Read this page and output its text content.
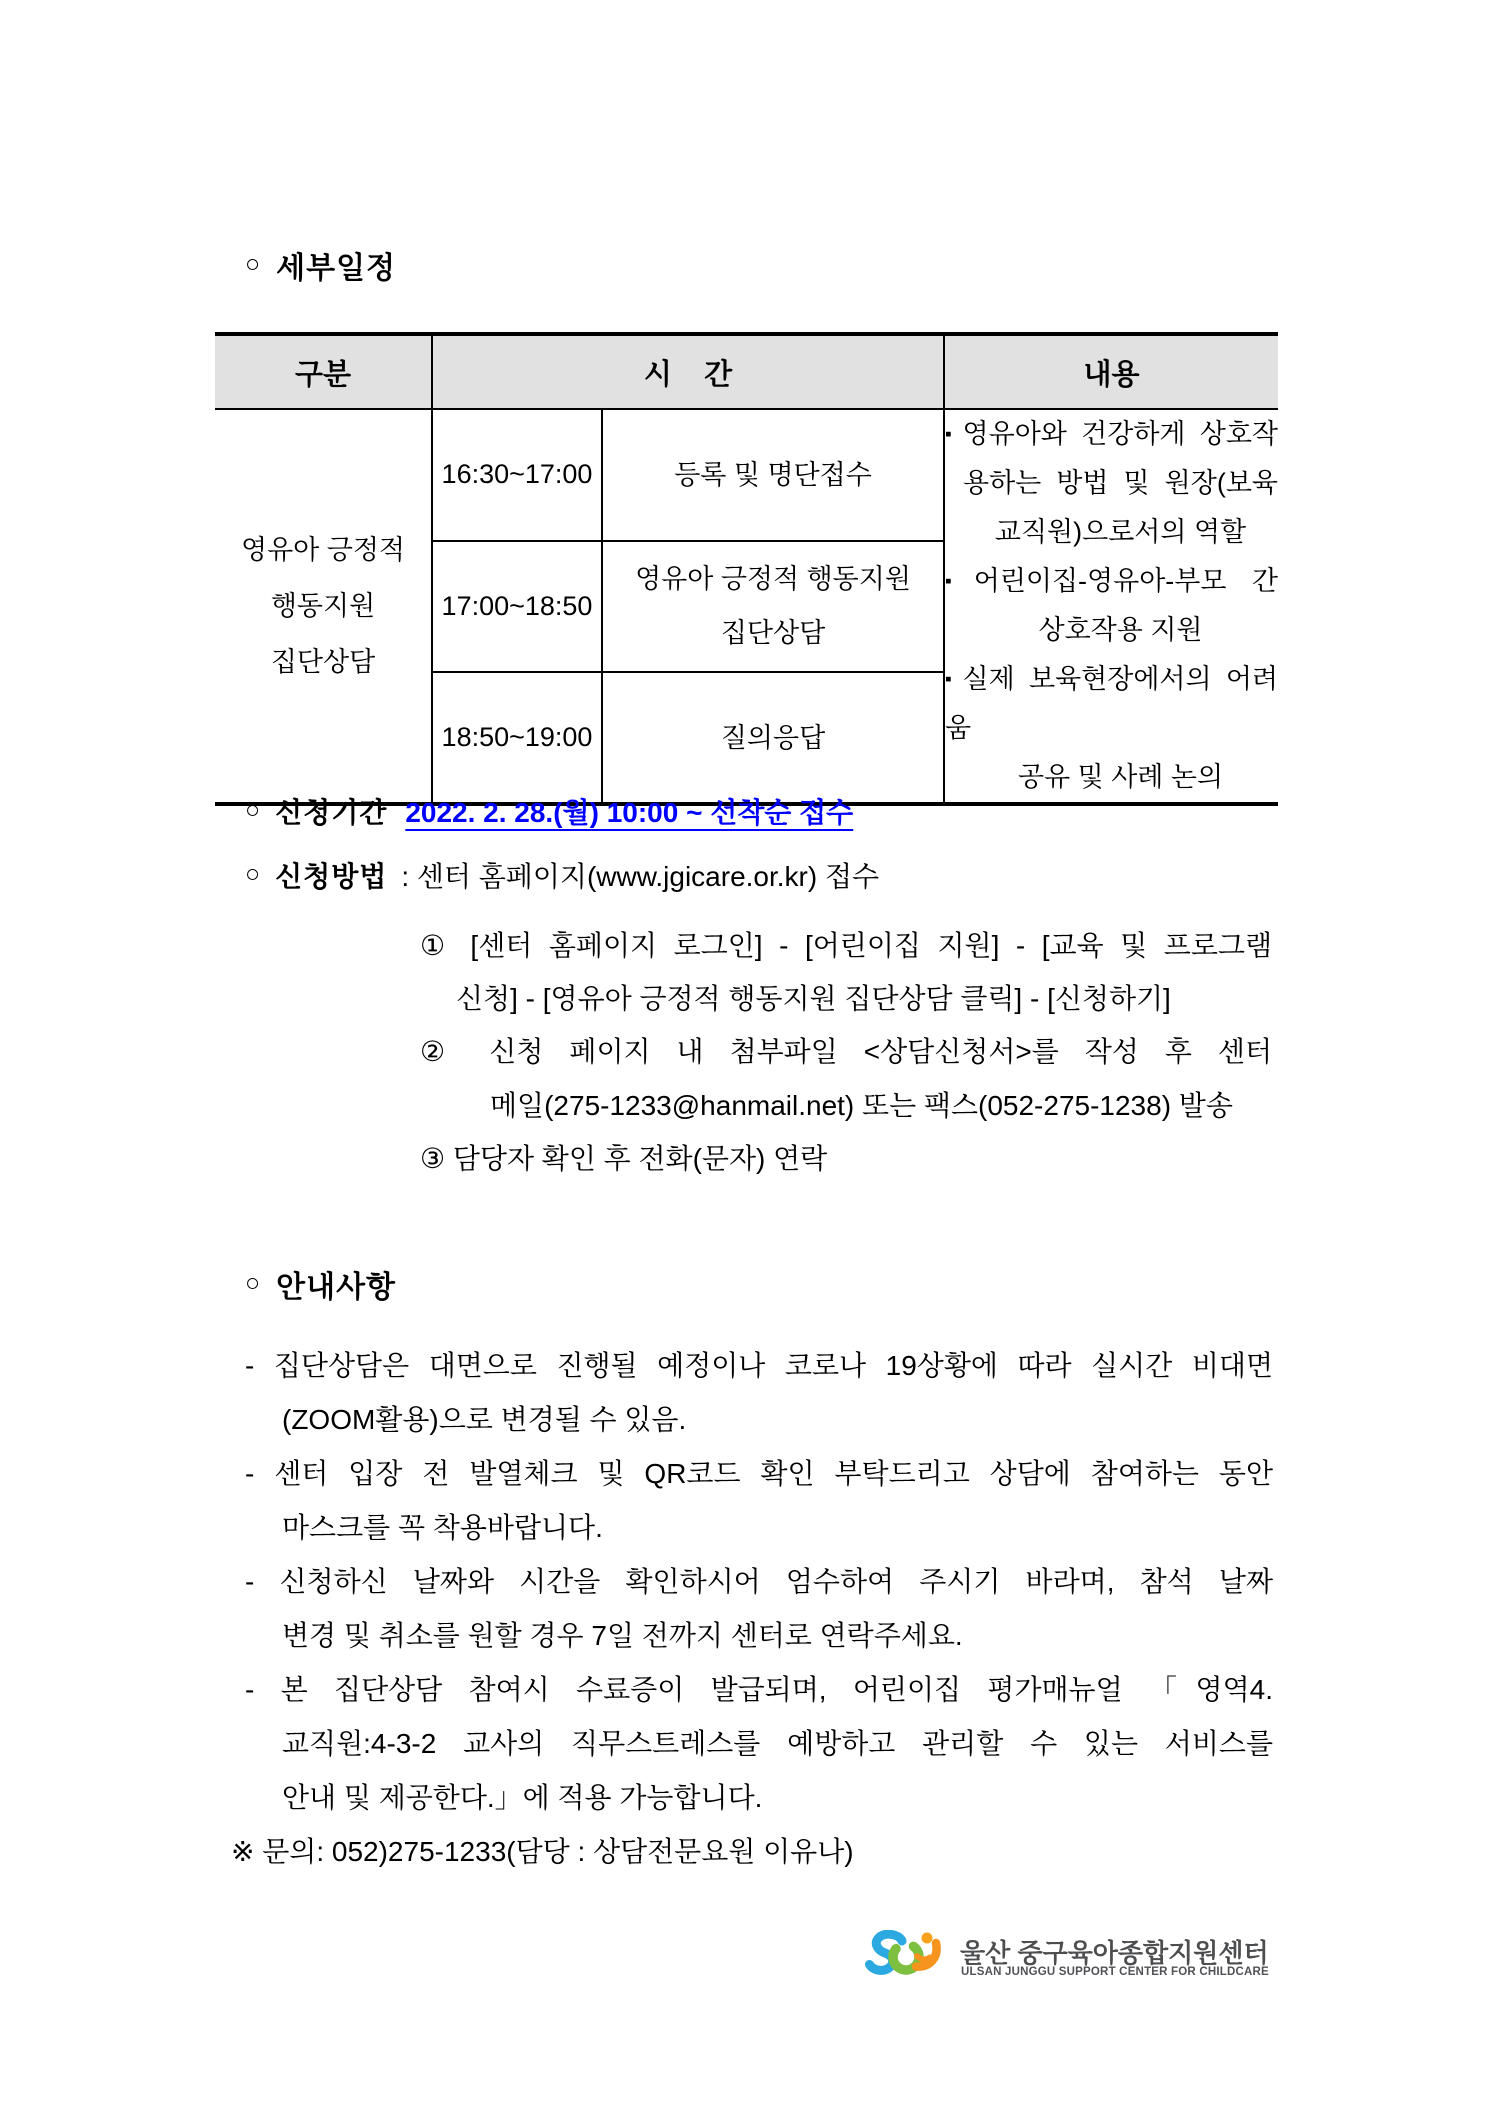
○ 세부일정
구분	시    간		내용

영유아 긍정적
행동지원
집단상담
	16:30~17:00	등록 및 명단접수	
▪ 영유아와 건강하게 상호작
용하는 방법 및 원장(보육
교직원)으로서의 역할
▪ 어린이집-영유아-부모 간
상호작용 지원
▪ 실제 보육현장에서의 어려움
공유 및 사례 논의

	17:00~18:50	영유아 긍정적 행동지원
집단상담	

	18:50~19:00	질의응답	
○ 신청기간 2022. 2. 28.(월) 10:00 ~ 선착순 접수
○ 신청방법 : 센터 홈페이지(www.jgicare.or.kr) 접수
① [센터 홈페이지 로그인] - [어린이집 지원] - [교육 및 프로그램
신청] - [영유아 긍정적 행동지원 집단상담 클릭] - [신청하기]
② 신청 페이지 내 첨부파일 <상담신청서>를 작성 후 센터
메일(275-1233@hanmail.net) 또는 팩스(052-275-1238) 발송
③ 담당자 확인 후 전화(문자) 연락
○ 안내사항
- 집단상담은 대면으로 진행될 예정이나 코로나 19상황에 따라 실시간 비대면
(ZOOM활용)으로 변경될 수 있음.
- 센터 입장 전 발열체크 및 QR코드 확인 부탁드리고 상담에 참여하는 동안
마스크를 꼭 착용바랍니다.
- 신청하신 날짜와 시간을 확인하시어 엄수하여 주시기 바라며, 참석 날짜
변경 및 취소를 원할 경우 7일 전까지 센터로 연락주세요.
- 본 집단상담 참여시 수료증이 발급되며, 어린이집 평가매뉴얼 「영역4.
교직원:4-3-2 교사의 직무스트레스를 예방하고 관리할 수 있는 서비스를
안내 및 제공한다.」에 적용 가능합니다.
※ 문의: 052)275-1233(담당 : 상담전문요원 이유나)
울산 중구육아종합지원센터
ULSAN JUNGGU SUPPORT CENTER FOR CHILDCARE
